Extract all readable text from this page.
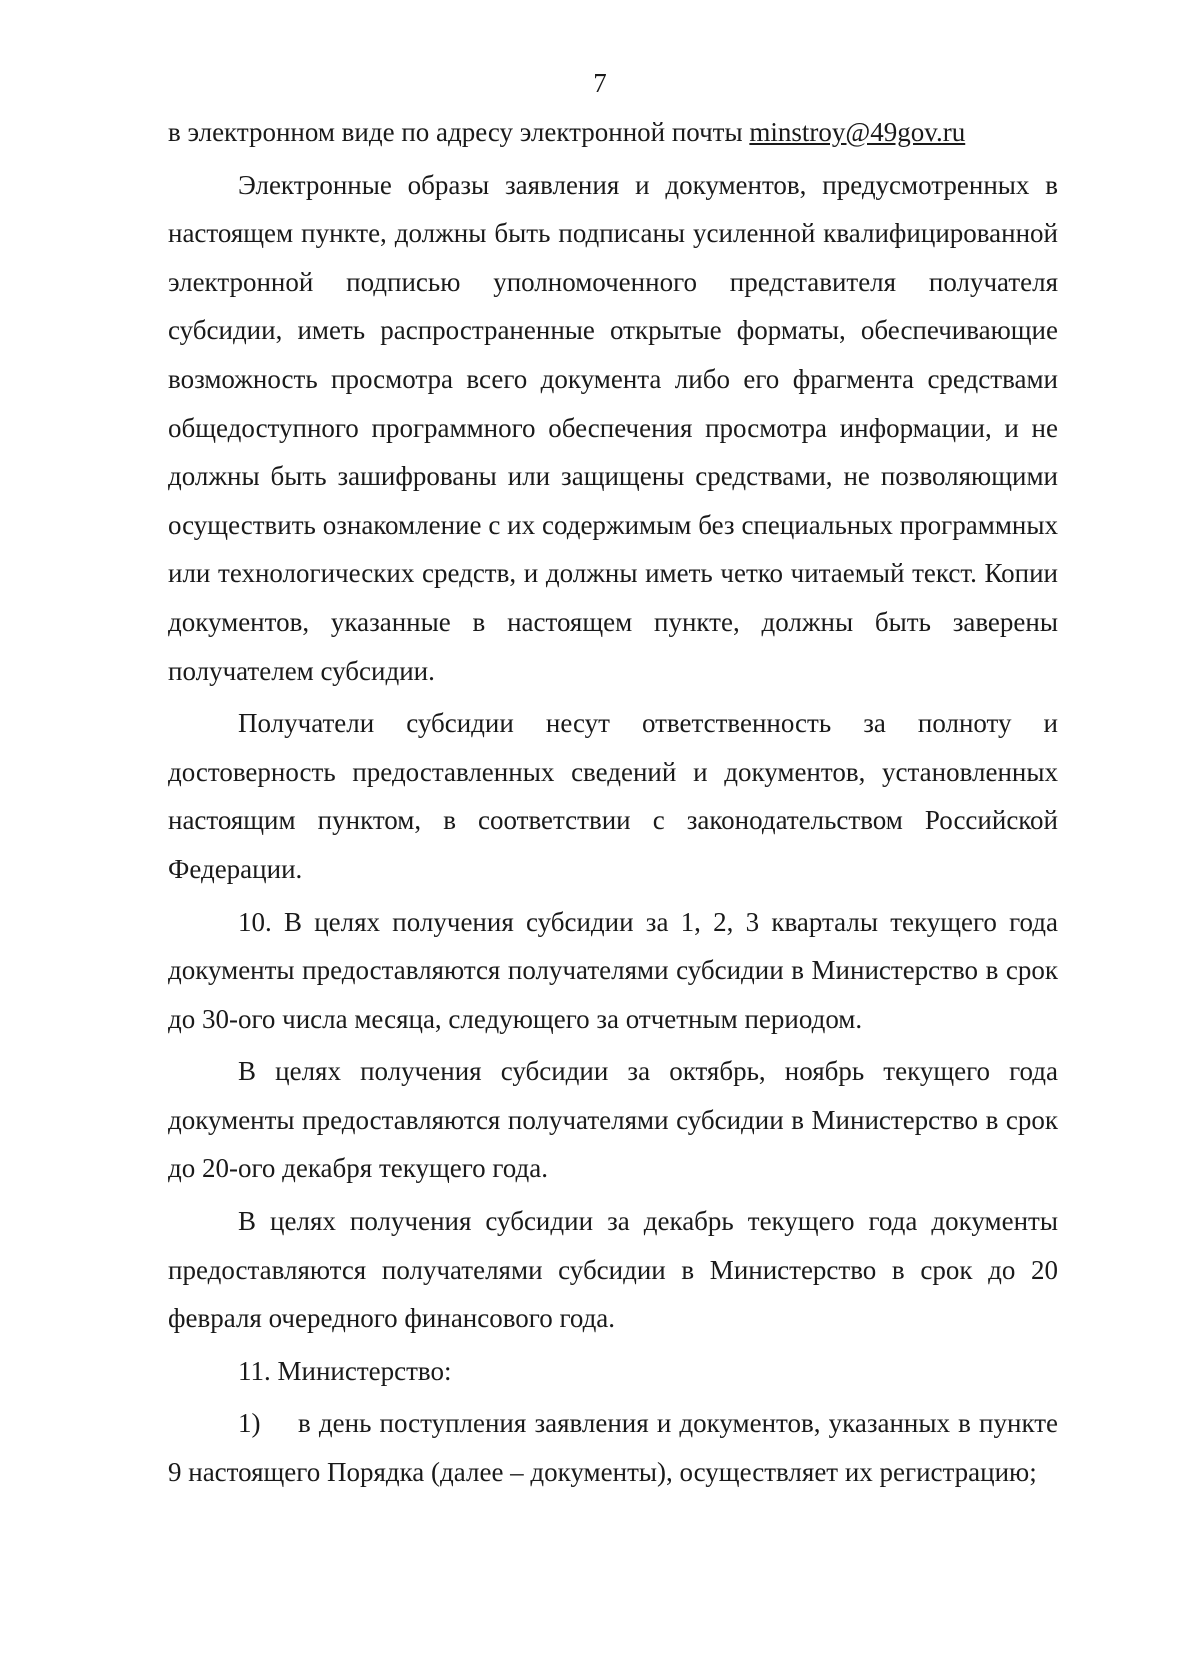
7

в электронном виде по адресу электронной почты minstroy@49gov.ru

Электронные образы заявления и документов, предусмотренных в настоящем пункте, должны быть подписаны усиленной квалифицированной электронной подписью уполномоченного представителя получателя субсидии, иметь распространенные открытые форматы, обеспечивающие возможность просмотра всего документа либо его фрагмента средствами общедоступного программного обеспечения просмотра информации, и не должны быть зашифрованы или защищены средствами, не позволяющими осуществить ознакомление с их содержимым без специальных программных или технологических средств, и должны иметь четко читаемый текст. Копии документов, указанные в настоящем пункте, должны быть заверены получателем субсидии.

Получатели субсидии несут ответственность за полноту и достоверность предоставленных сведений и документов, установленных настоящим пунктом, в соответствии с законодательством Российской Федерации.

10. В целях получения субсидии за 1, 2, 3 кварталы текущего года документы предоставляются получателями субсидии в Министерство в срок до 30-ого числа месяца, следующего за отчетным периодом.

В целях получения субсидии за октябрь, ноябрь текущего года документы предоставляются получателями субсидии в Министерство в срок до 20-ого декабря текущего года.

В целях получения субсидии за декабрь текущего года документы предоставляются получателями субсидии в Министерство в срок до 20 февраля очередного финансового года.

11. Министерство:

1) в день поступления заявления и документов, указанных в пункте 9 настоящего Порядка (далее – документы), осуществляет их регистрацию;
